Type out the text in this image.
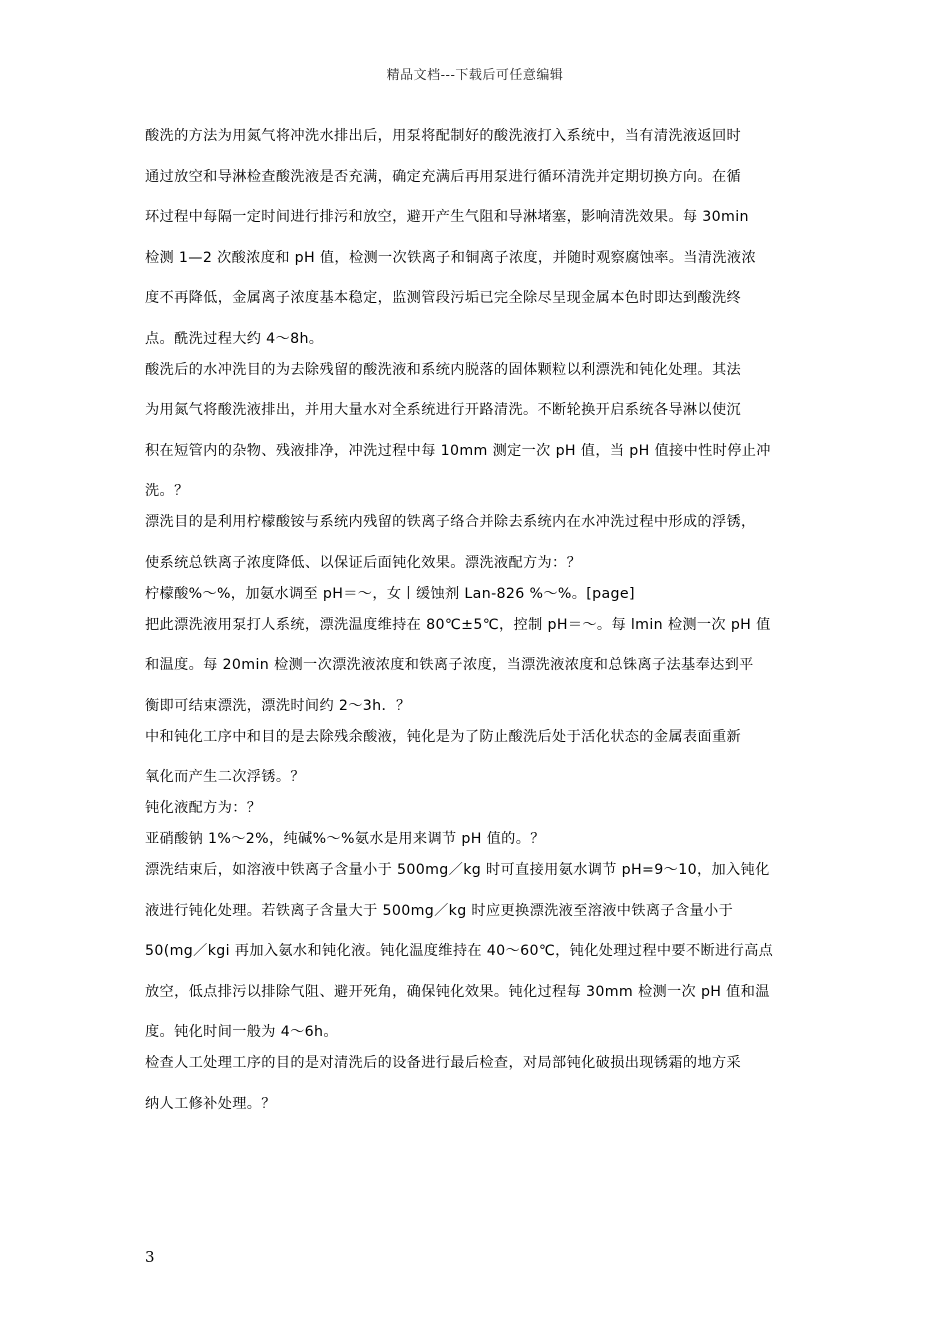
精品文档---下载后可任意编辑
酸洗的方法为用氮气将冲洗水排出后，用泵将配制好的酸洗液打入系统中，当有清洗液返回时
通过放空和导淋检查酸洗液是否充满，确定充满后再用泵进行循环清洗并定期切换方向。在循
环过程中每隔一定时间进行排污和放空，避开产生气阻和导淋堵塞，影响清洗效果。每 30min
检测 1—2 次酸浓度和 pH 值，检测一次铁离子和铜离子浓度，并随时观察腐蚀率。当清洗液浓
度不再降低，金属离子浓度基本稳定，监测管段污垢已完全除尽呈现金属本色时即达到酸洗终
点。酰洗过程大约 4～8h。
酸洗后的水冲洗目的为去除残留的酸洗液和系统内脱落的固体颗粒以利漂洗和钝化处理。其法
为用氮气将酸洗液排出，并用大量水对全系统进行开路清洗。不断轮换开启系统各导淋以使沉
积在短管内的杂物、残液排净，冲洗过程中每 10mm 测定一次 pH 值，当 pH 值接中性时停止冲
洗。？
漂洗目的是利用柠檬酸铵与系统内残留的铁离子络合并除去系统内在水冲洗过程中形成的浮锈，
使系统总铁离子浓度降低、以保证后面钝化效果。漂洗液配方为：？
柠檬酸%～%，加氨水调至 pH＝～，女丨缓蚀剂 Lan-826 %～%。[page]
把此漂洗液用泵打人系统，漂洗温度维持在 80℃±5℃，控制 pH＝～。每 lmin 检测一次 pH 值
和温度。每 20min 检测一次漂洗液浓度和铁离子浓度，当漂洗液浓度和总铢离子法基奉达到平
衡即可结束漂洗，漂洗时间约 2～3h．？
中和钝化工序中和目的是去除残余酸液，钝化是为了防止酸洗后处于活化状态的金属表面重新
氧化而产生二次浮锈。？
钝化液配方为：？
亚硝酸钠 1%～2%，纯碱%～%氨水是用来调节 pH 值的。？
漂洗结束后，如溶液中铁离子含量小于 500mg／kg 时可直接用氨水调节 pH=9～10，加入钝化
液进行钝化处理。若铁离子含量大于 500mg／kg 时应更换漂洗液至溶液中铁离子含量小于
50(mg／kgi 再加入氨水和钝化液。钝化温度维持在 40～60℃，钝化处理过程中要不断进行高点
放空，低点排污以排除气阻、避开死角，确保钝化效果。钝化过程每 30mm 检测一次 pH 值和温
度。钝化时间一般为 4～6h。
检查人工处理工序的目的是对清洗后的设备进行最后检查，对局部钝化破损出现锈霜的地方采
纳人工修补处理。？
3
